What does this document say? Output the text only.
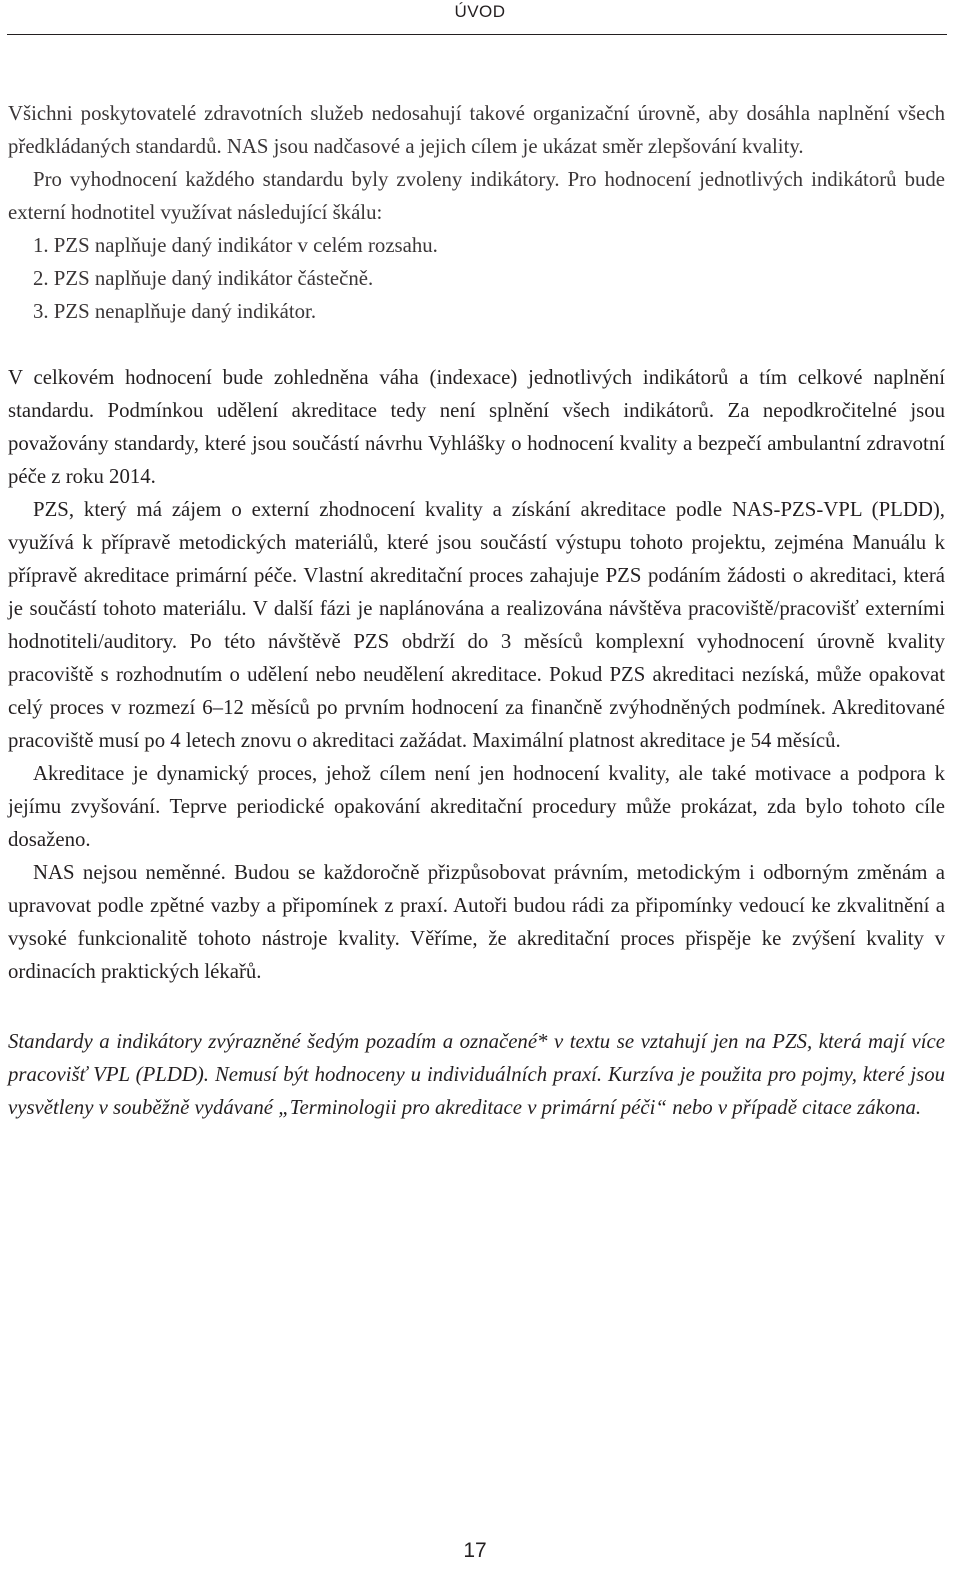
ÚVOD

Všichni poskytovatelé zdravotních služeb nedosahují takové organizační úrovně, aby dosáhla naplnění všech předkládaných standardů. NAS jsou nadčasové a jejich cílem je ukázat směr zlepšování kvality.

Pro vyhodnocení každého standardu byly zvoleny indikátory. Pro hodnocení jednotlivých indikátorů bude externí hodnotitel využívat následující škálu:

1. PZS naplňuje daný indikátor v celém rozsahu.

2. PZS naplňuje daný indikátor částečně.

3. PZS nenaplňuje daný indikátor.

V celkovém hodnocení bude zohledněna váha (indexace) jednotlivých indikátorů a tím celkové naplnění standardu. Podmínkou udělení akreditace tedy není splnění všech indikátorů. Za nepodkročitelné jsou považovány standardy, které jsou součástí návrhu Vyhlášky o hodnocení kvality a bezpečí ambulantní zdravotní péče z roku 2014.

PZS, který má zájem o externí zhodnocení kvality a získání akreditace podle NAS-PZS-VPL (PLDD), využívá k přípravě metodických materiálů, které jsou součástí výstupu tohoto projektu, zejména Manuálu k přípravě akreditace primární péče. Vlastní akreditační proces zahajuje PZS podáním žádosti o akreditaci, která je součástí tohoto materiálu. V další fázi je naplánována a realizována návštěva pracoviště/pracovišť externími hodnotiteli/auditory. Po této návštěvě PZS obdrží do 3 měsíců komplexní vyhodnocení úrovně kvality pracoviště s rozhodnutím o udělení nebo neudělení akreditace. Pokud PZS akreditaci nezíská, může opakovat celý proces v rozmezí 6–12 měsíců po prvním hodnocení za finančně zvýhodněných podmínek. Akreditované pracoviště musí po 4 letech znovu o akreditaci zažádat. Maximální platnost akreditace je 54 měsíců.

Akreditace je dynamický proces, jehož cílem není jen hodnocení kvality, ale také motivace a podpora k jejímu zvyšování. Teprve periodické opakování akreditační procedury může prokázat, zda bylo tohoto cíle dosaženo.

NAS nejsou neměnné. Budou se každoročně přizpůsobovat právním, metodickým i odborným změnám a upravovat podle zpětné vazby a připomínek z praxí. Autoři budou rádi za připomínky vedoucí ke zkvalitnění a vysoké funkcionalitě tohoto nástroje kvality. Věříme, že akreditační proces přispěje ke zvýšení kvality v ordinacích praktických lékařů.

Standardy a indikátory zvýrazněné šedým pozadím a označené* v textu se vztahují jen na PZS, která mají více pracovišť VPL (PLDD). Nemusí být hodnoceny u individuálních praxí. Kurzíva je použita pro pojmy, které jsou vysvětleny v souběžně vydávané „Terminologii pro akreditace v primární péči“ nebo v případě citace zákona.

17
